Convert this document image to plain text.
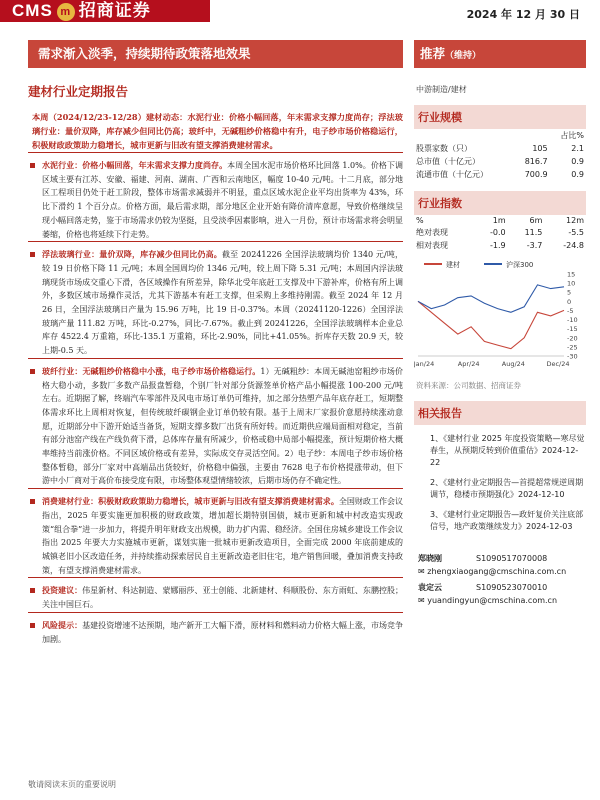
CMS m 招商证券	2024 年 12 月 30 日
需求渐入淡季，持续期待政策落地效果
建材行业定期报告
本周（2024/12/23-12/28）建材动态：水泥行业：价格小幅回落，年末需求支撑力度尚存；浮法玻璃行业：量价双降，库存减少但同比仍高；玻纤中，无碱粗纱价格稳中有升，电子纱市场价格稳运行，积极财政政策助力稳增长，城市更新与旧改有望支撑消费建材需求。
水泥行业：价格小幅回落，年末需求支撑力度尚存。本周全国水泥市场价格环比回落 1.0%。价格下调区域主要有江苏、安徽、福建、河南、湖南、广西和云南地区，幅度 10-40 元/吨。十二月底，部分地区工程项目仍处于赶工阶段，整体市场需求减弱并不明显，重点区域水泥企业平均出货率为 43%，环比下滑约 1 个百分点。价格方面，最后需求期，部分地区企业开始有降价清库意愿，导致价格继续呈现小幅回落走势，鉴于市场需求仍较为坚挺，且受淡季因素影响，进入一月份，预计市场需求将会明显萎缩，价格也将延续下行走势。
浮法玻璃行业：量价双降，库存减少但同比仍高。截至 20241226 全国浮法玻璃均价 1340 元/吨，较 19 日价格下降 11 元/吨；本周全国周均价 1346 元/吨，较上周下降 5.31 元/吨；本周国内浮法玻璃现货市场成交重心下滑，各区域操作有所差异，除华北受年底赶工支撑及中下游补库，价格有所上调外，多数区域市场操作灵活，尤其下游基本有赶工支撑，但采购上多维持刚需。截至 2024 年 12 月 26 日，全国浮法玻璃日产量为 15.96 万吨，比 19 日-0.37%。本周（20241120-1226）全国浮法玻璃产量 111.82 万吨，环比-0.27%，同比-7.67%。截止到 20241226，全国浮法玻璃样本企业总库存 4522.4 万重箱，环比-135.1 万重箱，环比-2.90%，同比+41.05%。折库存天数 20.9 天，较上期-0.5 天。
玻纤行业：无碱粗纱价格稳中小涨，电子纱市场价格稳运行。1）无碱粗纱：本周无碱池窑粗纱市场价格大稳小动，多数厂多数产品报盘暂稳，个别厂针对部分货源签单价格产品小幅提涨 100-200 元/吨左右。近期据了解，终端汽车零部件及风电市场订单仍可维持，加之部分热塑产品年底存赶工，短期整体需求环比上周相对恢复，但传统玻纤碳钢企业订单仍较有限。基于上周末厂家报价意愿持续涨动意愿，近期部分中下游开始适当备货，短期支撑多数厂出货有所好转。而近期供应端局面相对稳定，当前有部分池窑产线在产线负荷下滑，总体库存量有所减少，价格或稳中局部小幅提涨，预计短期价格大概率维持当前涨价格。不同区域价格或有差异，实际成交存灵活空间。2）电子纱：本周电子纱市场价格整体暂稳，部分厂家对中高端品出货较好，价格稳中偏强，主要由 7628 电子布价格提涨带动，但下游中小厂商对于高价布接受度有限，市场整体观望情绪较浓，后期市场仍存不确定性。
消费建材行业：积极财政政策助力稳增长，城市更新与旧改有望支撑消费建材需求。全国财政工作会议指出，2025 年要实施更加积极的财政政策，增加超长期特别国债，城市更新和城中村改造实现政策“组合拳”进一步加力，将提升明年财政支出规模，助力扩内需、稳经济。全国住房城乡建设工作会议指出 2025 年要大力实施城市更新，谋划实施一批城市更新改造项目，全面完成 2000 年底前建成的城镇老旧小区改造任务，并持续推动探索居民自主更新改造老旧住宅，地产销售回暖，叠加消费支持政策，有望支撑消费建材需求。
投资建议：伟星新材、科达制造、蒙娜丽莎、亚士创能、北新建材、科顺股份、东方雨虹、东鹏控股；关注中国巨石。
风险提示：基建投资增速不达预期，地产新开工大幅下滑，原材料和燃料动力价格大幅上涨，市场竞争加剧。
推荐（维持）
中游制造/建材
行业规模
		占比%
股票家数（只）	105	2.1
总市值（十亿元）	816.7	0.9
流通市值（十亿元）	700.9	0.9
行业指数
%	1m	6m	12m
绝对表现	-0.0	11.5	-5.5
相对表现	-1.9	-3.7	-24.8
建材	沪深300
15
10
5
0
-5
-10
-15
-20
-25
-30
Jan/24	Apr/24	Aug/24	Dec/24
资料来源：公司数据、招商证券
相关报告
1、《建材行业 2025 年度投资策略—寒尽觉春生，从预期反转到价值重估》2024-12-22
2、《建材行业定期报告—首提超常规逆周期调节，稳楼市预期强化》2024-12-10
3、《建材行业定期报告—政奸复价关注底部信号，地产政策继续发力》2024-12-03
郑晓刚	S1090517070008
✉ zhengxiaogang@cmschina.com.cn
袁定云	S1090523070010
✉ yuandingyun@cmschina.com.cn
敬请阅读末页的重要说明
